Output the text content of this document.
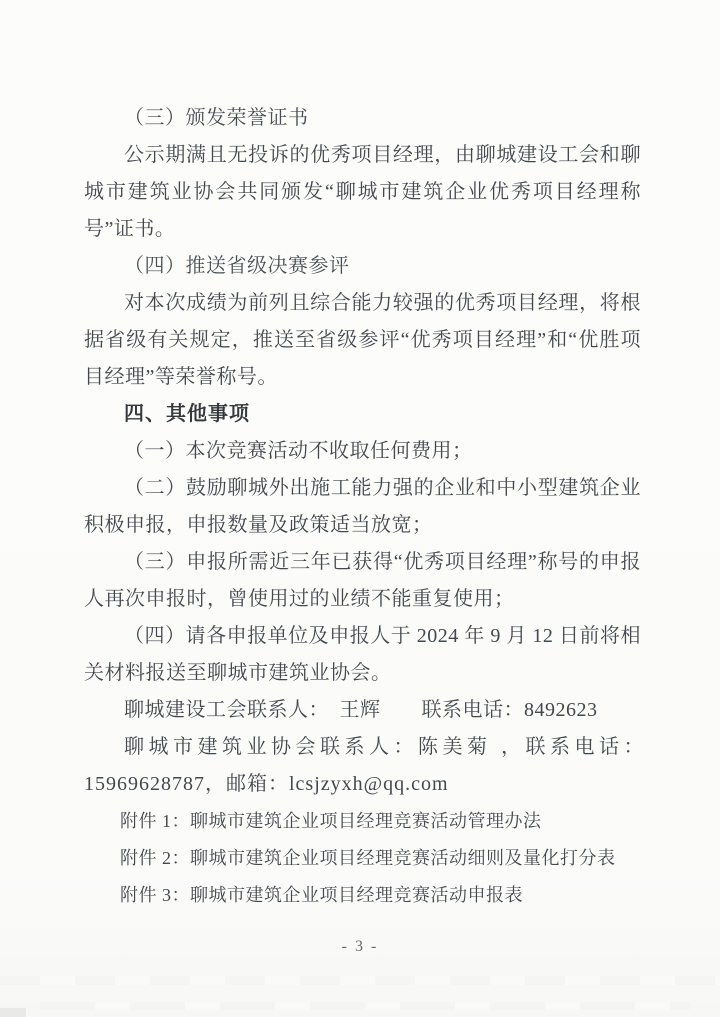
（三）颁发荣誉证书

公示期满且无投诉的优秀项目经理，由聊城建设工会和聊城市建筑业协会共同颁发“聊城市建筑企业优秀项目经理称号”证书。

（四）推送省级决赛参评

对本次成绩为前列且综合能力较强的优秀项目经理，将根据省级有关规定，推送至省级参评“优秀项目经理”和“优胜项目经理”等荣誉称号。

四、其他事项

（一）本次竞赛活动不收取任何费用；

（二）鼓励聊城外出施工能力强的企业和中小型建筑企业积极申报，申报数量及政策适当放宽；

（三）申报所需近三年已获得“优秀项目经理”称号的申报人再次申报时，曾使用过的业绩不能重复使用；

（四）请各申报单位及申报人于 2024 年 9 月 12 日前将相关材料报送至聊城市建筑业协会。

聊城建设工会联系人：　王辉　　联系电话：8492623

聊城市建筑业协会联系人：陈美菊 ，联系电话：

15969628787，邮箱：lcsjzyxh@qq.com

附件 1：聊城市建筑企业项目经理竞赛活动管理办法

附件 2：聊城市建筑企业项目经理竞赛活动细则及量化打分表

附件 3：聊城市建筑企业项目经理竞赛活动申报表

- 3 -
